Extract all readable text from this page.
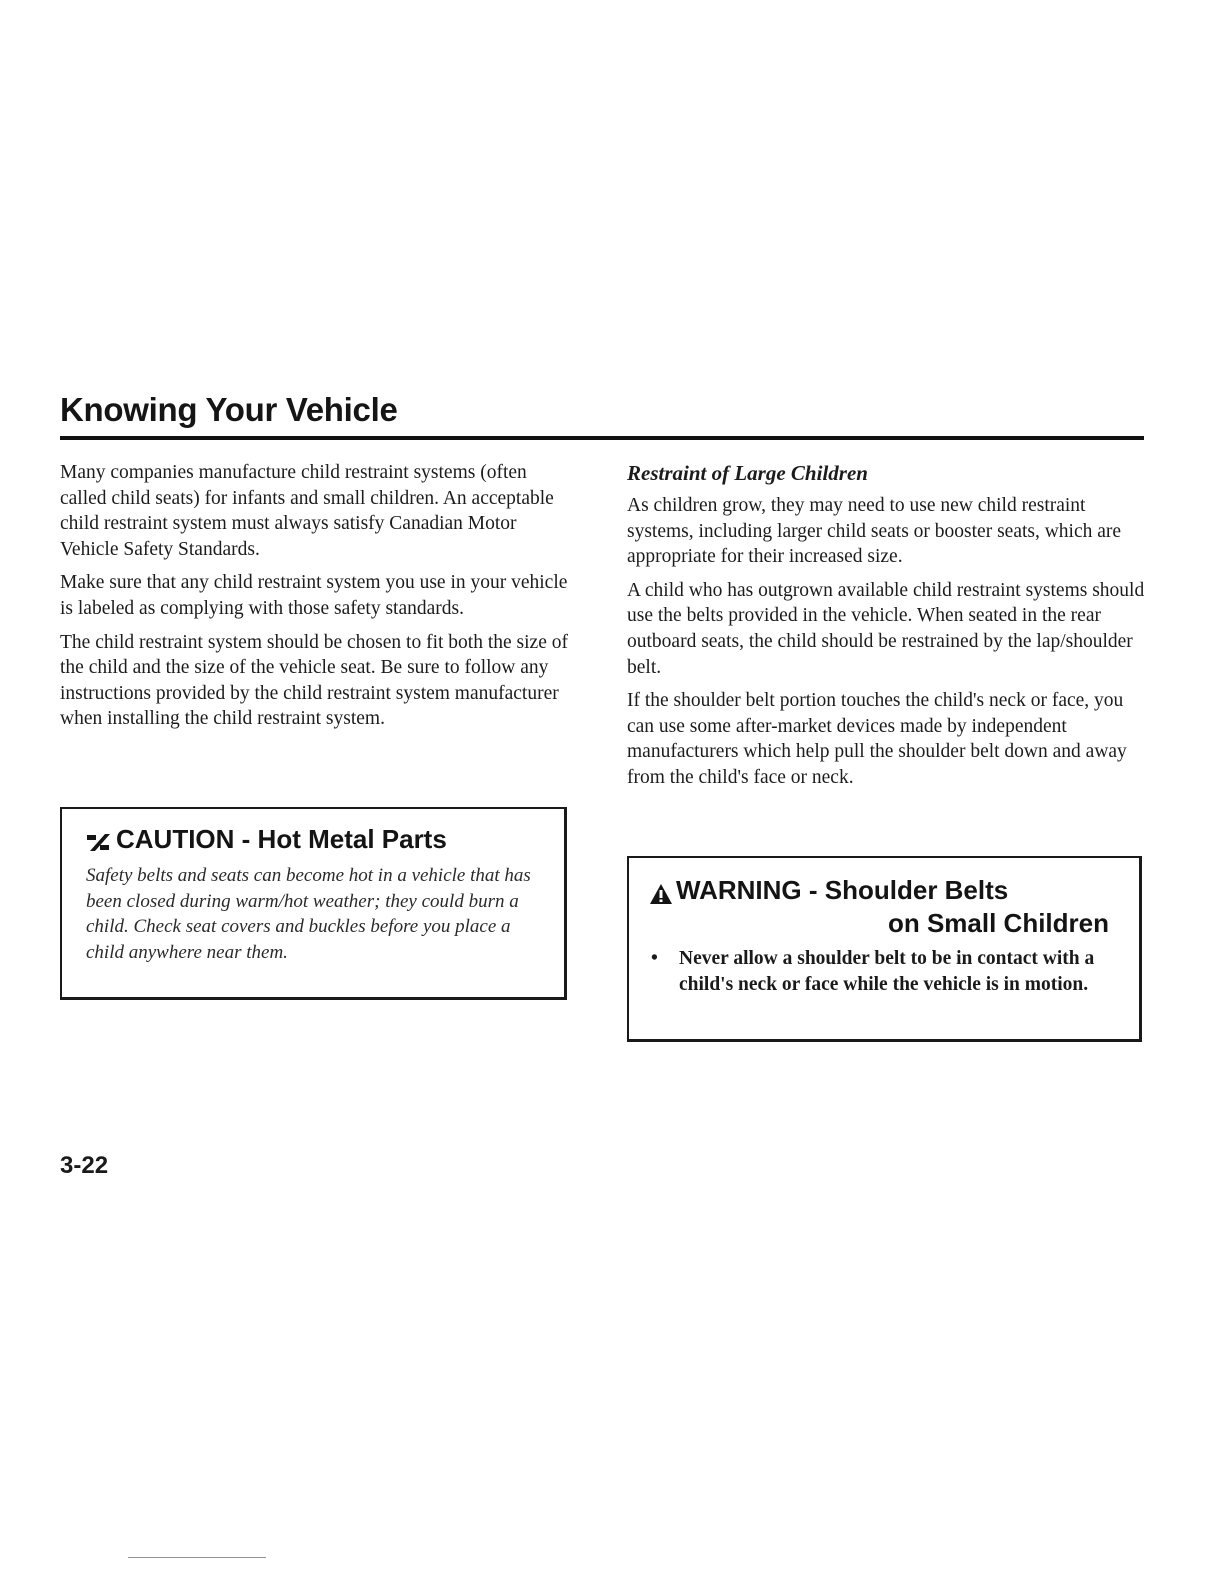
Knowing Your Vehicle

Many companies manufacture child restraint systems (often called child seats) for infants and small children. An acceptable child restraint system must always satisfy Canadian Motor Vehicle Safety Standards.

Make sure that any child restraint system you use in your vehicle is labeled as complying with those safety standards.

The child restraint system should be chosen to fit both the size of the child and the size of the vehicle seat. Be sure to follow any instructions provided by the child restraint system manufacturer when installing the child restraint system.

CAUTION - Hot Metal Parts

Safety belts and seats can become hot in a vehicle that has been closed during warm/hot weather; they could burn a child. Check seat covers and buckles before you place a child anywhere near them.

Restraint of Large Children

As children grow, they may need to use new child restraint systems, including larger child seats or booster seats, which are appropriate for their increased size.

A child who has outgrown available child restraint systems should use the belts provided in the vehicle. When seated in the rear outboard seats, the child should be restrained by the lap/shoulder belt.

If the shoulder belt portion touches the child's neck or face, you can use some after-market devices made by independent manufacturers which help pull the shoulder belt down and away from the child's face or neck.

WARNING - Shoulder Belts
on Small Children
• Never allow a shoulder belt to be in contact with a child's neck or face while the vehicle is in motion.
3-22
